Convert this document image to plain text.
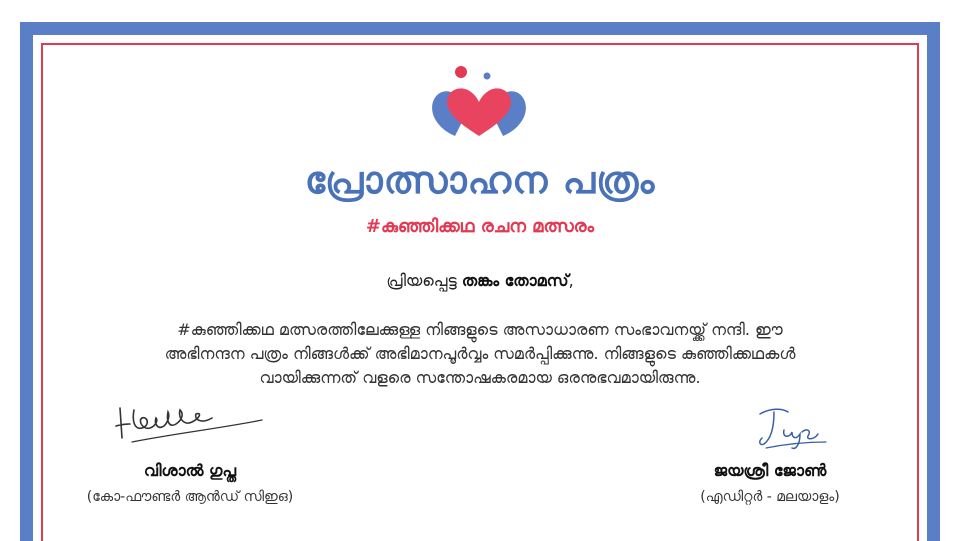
പ്രോത്സാഹന പത്രം
#കുഞ്ഞിക്കഥ രചന മത്സരം
പ്രിയപ്പെട്ട തങ്കം തോമസ്,
#കുഞ്ഞിക്കഥ മത്സരത്തിലേക്കുള്ള നിങ്ങളുടെ അസാധാരണ സംഭാവനയ്ക്ക് നന്ദി. ഈ
അഭിനന്ദന പത്രം നിങ്ങൾക്ക് അഭിമാനപൂർവ്വം സമർപ്പിക്കുന്നു. നിങ്ങളുടെ കുഞ്ഞിക്കഥകൾ
വായിക്കുന്നത് വളരെ സന്തോഷകരമായ ഒരനുഭവമായിരുന്നു.
വിശാൽ ഗുപ്ത
(കോ-ഫൗണ്ടർ ആൻഡ് സിഇഒ)
ജയശ്രീ ജോൺ
(എഡിറ്റർ - മലയാളം)
